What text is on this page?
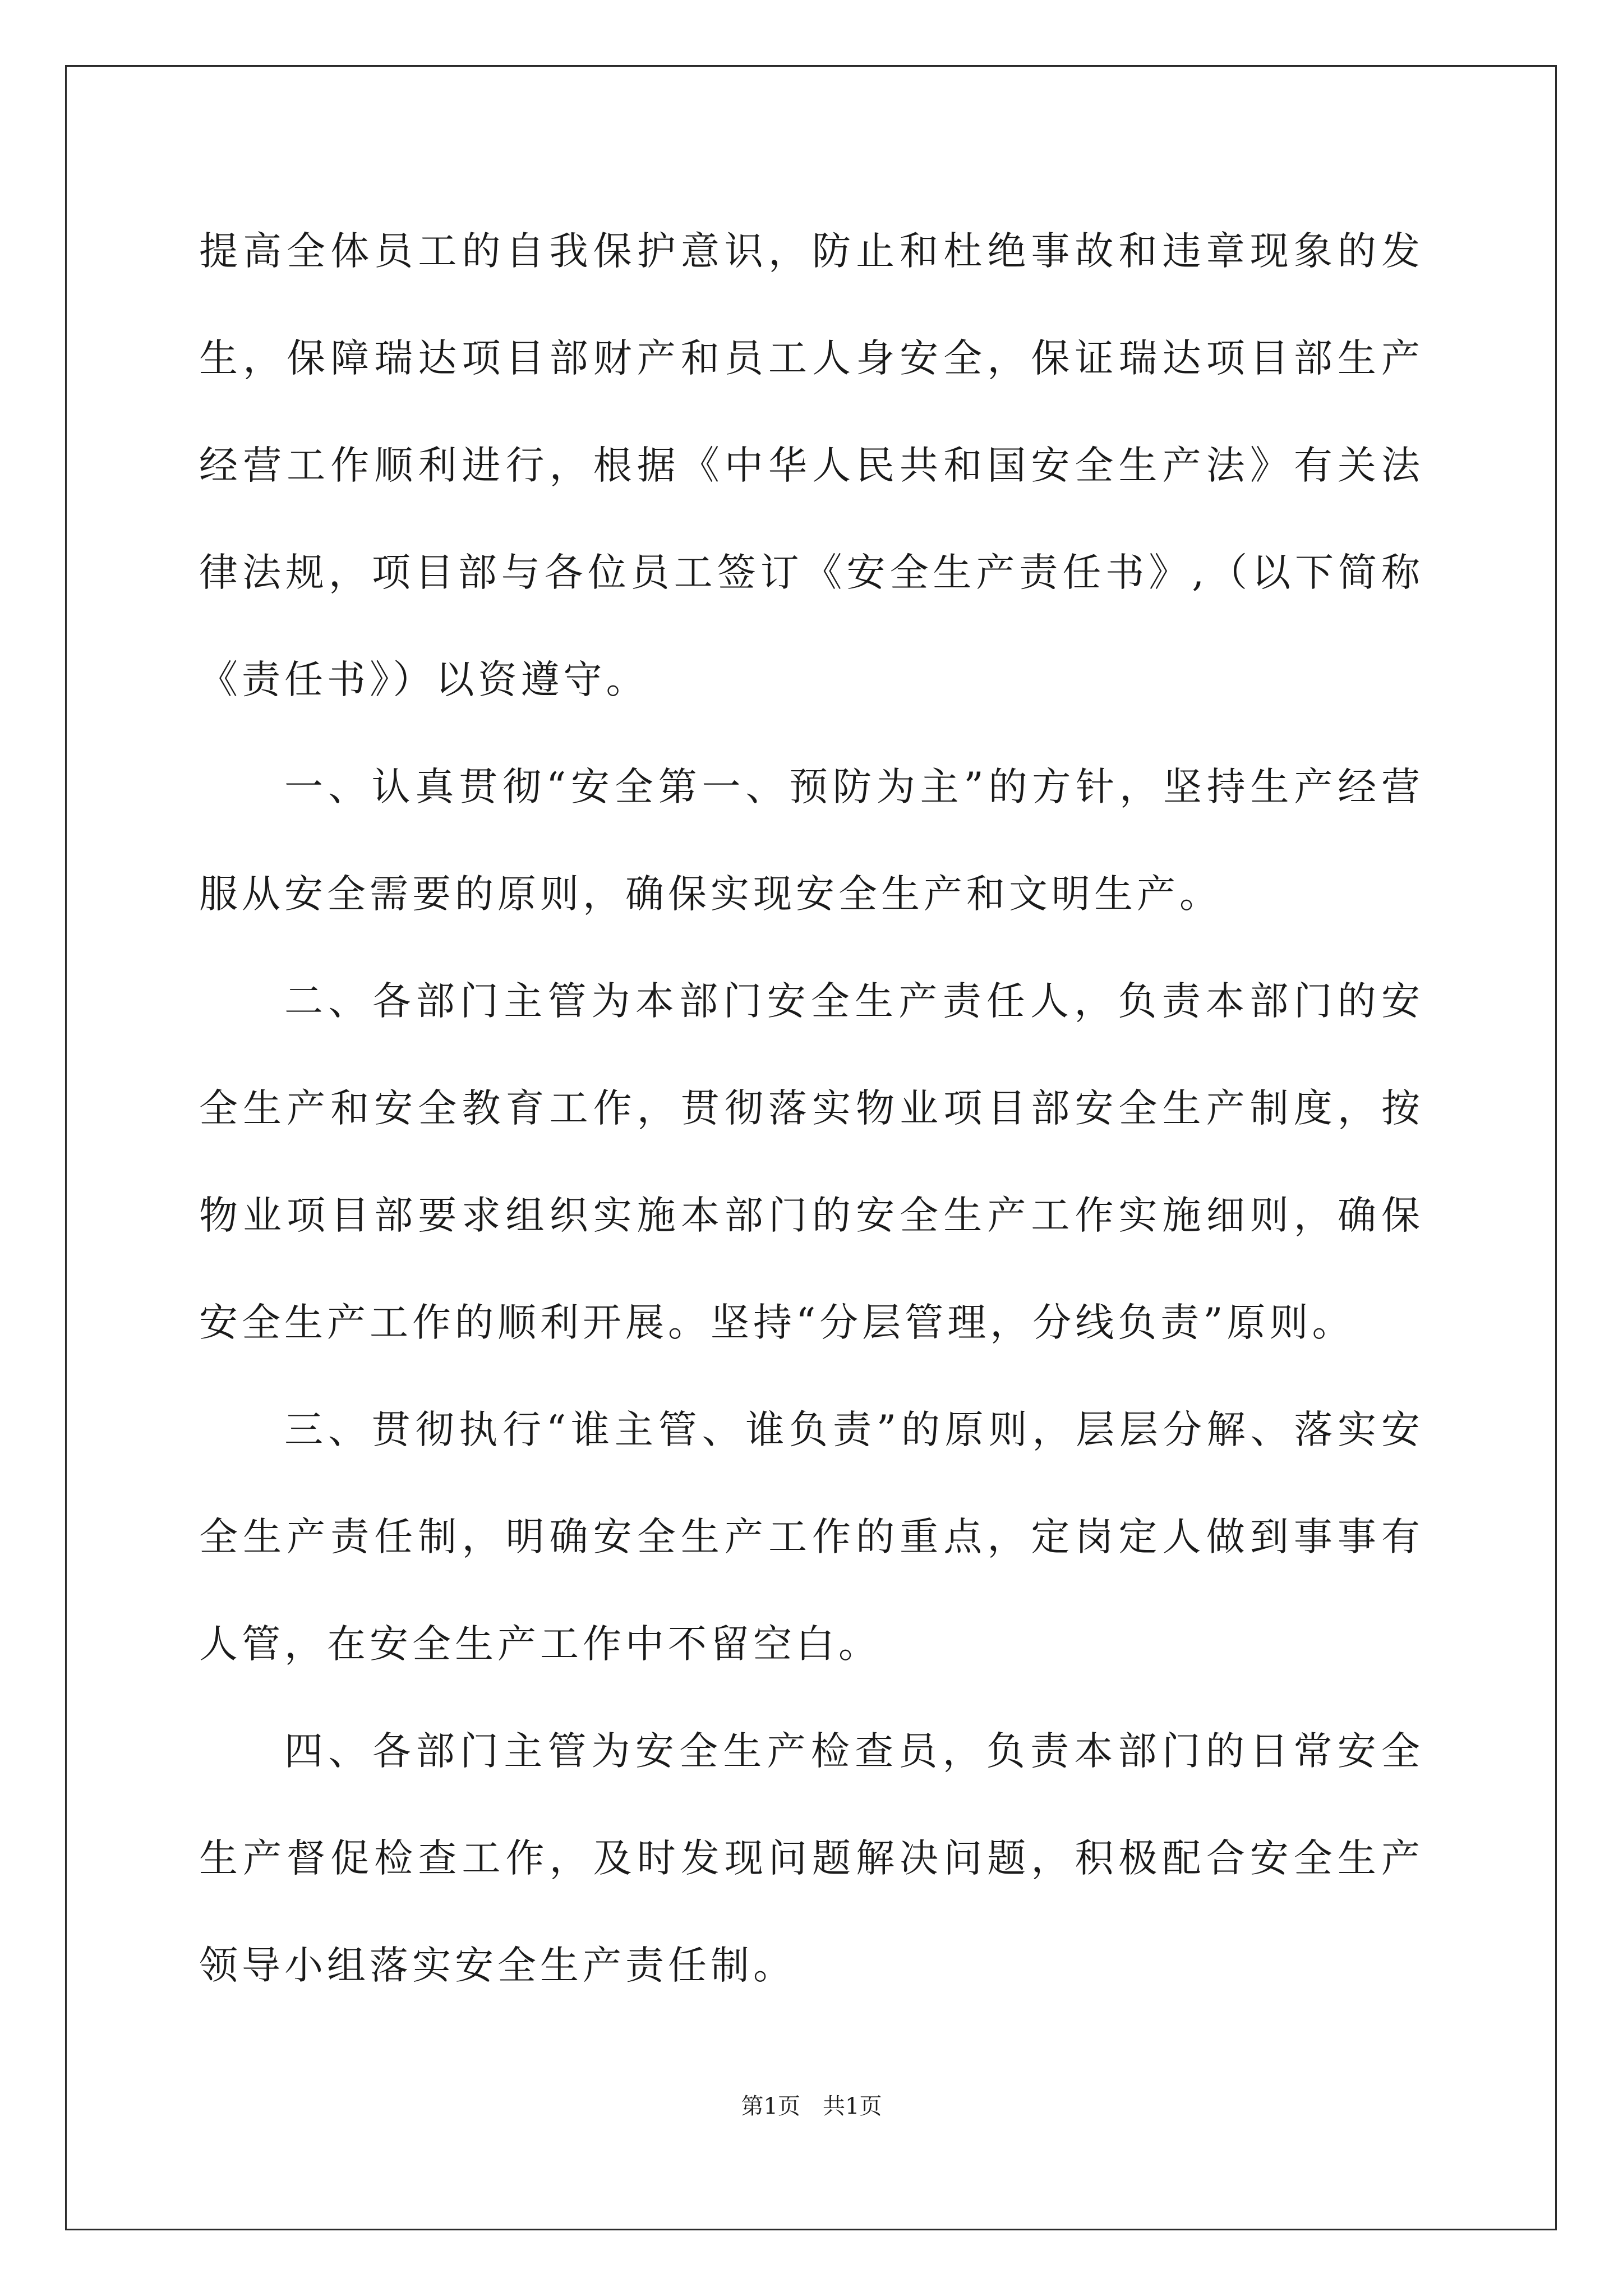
提高全体员工的自我保护意识，防止和杜绝事故和违章现象的发生，保障瑞达项目部财产和员工人身安全，保证瑞达项目部生产经营工作顺利进行，根据《中华人民共和国安全生产法》有关法律法规，项目部与各位员工签订《安全生产责任书》,（以下简称《责任书》）以资遵守。

一、认真贯彻“安全第一、预防为主”的方针，坚持生产经营服从安全需要的原则，确保实现安全生产和文明生产。

二、各部门主管为本部门安全生产责任人，负责本部门的安全生产和安全教育工作，贯彻落实物业项目部安全生产制度，按物业项目部要求组织实施本部门的安全生产工作实施细则，确保安全生产工作的顺利开展。坚持“分层管理，分线负责”原则。

三、贯彻执行“谁主管、谁负责”的原则，层层分解、落实安全生产责任制，明确安全生产工作的重点，定岗定人做到事事有人管，在安全生产工作中不留空白。

四、各部门主管为安全生产检查员，负责本部门的日常安全生产督促检查工作，及时发现问题解决问题，积极配合安全生产领导小组落实安全生产责任制。

第1页　共1页
